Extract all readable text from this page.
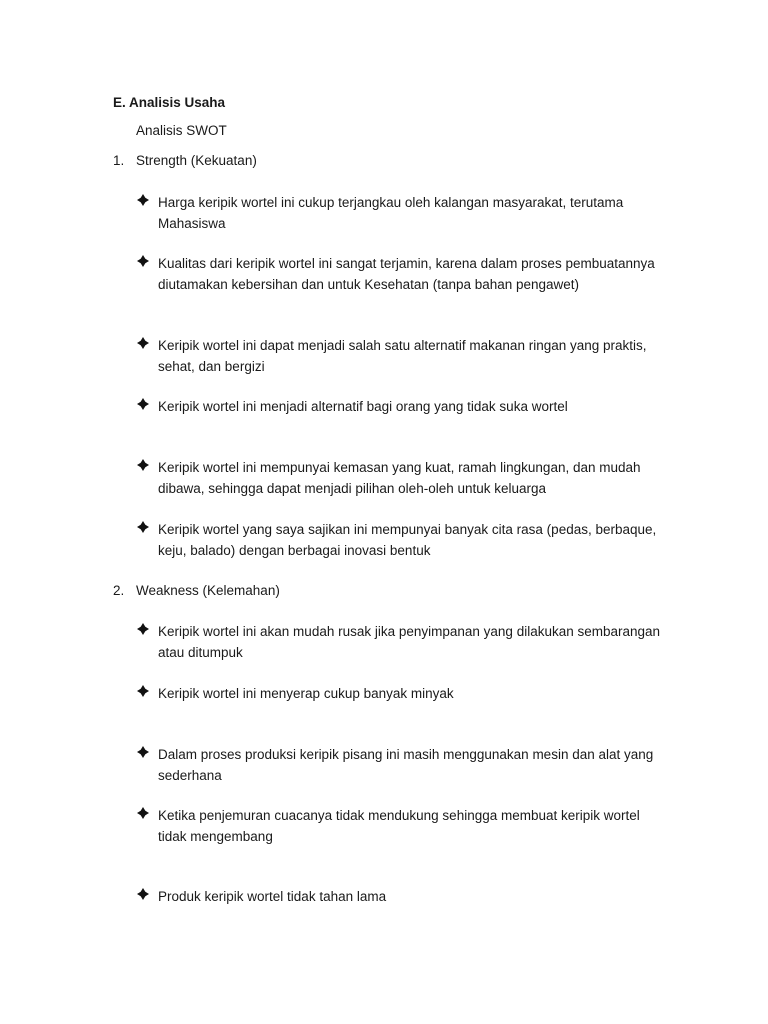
E. Analisis Usaha
Analisis SWOT
1. Strength (Kekuatan)
Harga keripik wortel ini cukup terjangkau oleh kalangan masyarakat, terutama Mahasiswa
Kualitas dari keripik wortel ini sangat terjamin, karena dalam proses pembuatannya diutamakan kebersihan dan untuk Kesehatan (tanpa bahan pengawet)
Keripik wortel ini dapat menjadi salah satu alternatif makanan ringan yang praktis, sehat, dan bergizi
Keripik wortel ini menjadi alternatif bagi orang yang tidak suka wortel
Keripik wortel ini mempunyai kemasan yang kuat, ramah lingkungan, dan mudah dibawa, sehingga dapat menjadi pilihan oleh-oleh untuk keluarga
Keripik wortel yang saya sajikan ini mempunyai banyak cita rasa (pedas, berbaque, keju, balado) dengan berbagai inovasi bentuk
2. Weakness (Kelemahan)
Keripik wortel ini akan mudah rusak jika penyimpanan yang dilakukan sembarangan atau ditumpuk
Keripik wortel ini menyerap cukup banyak minyak
Dalam proses produksi keripik pisang ini masih menggunakan mesin dan alat yang sederhana
Ketika penjemuran cuacanya tidak mendukung sehingga membuat keripik wortel tidak mengembang
Produk keripik wortel tidak tahan lama
